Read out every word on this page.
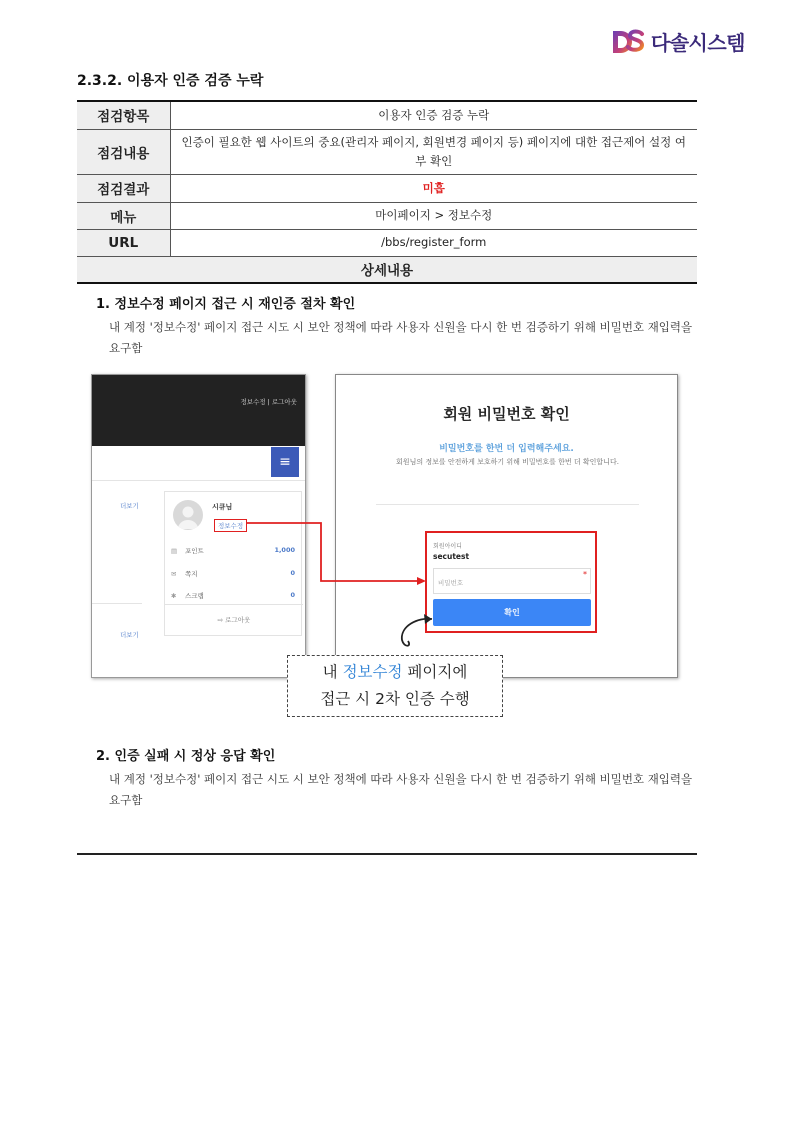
다솔시스템
2.3.2. 이용자 인증 검증 누락
점검항목	이용자 인증 검증 누락
점검내용	인증이 필요한 웹 사이트의 중요(관리자 페이지, 회원변경 페이지 등) 페이지에 대한 접근제어 설정 여부 확인
점검결과	미흡
메뉴	마이페이지 > 정보수정
URL	/bbs/register_form
상세내용	
1. 정보수정 페이지 접근 시 재인증 절차 확인
내 계정 '정보수정' 페이지 접근 시도 시 보안 정책에 따라 사용자 신원을 다시 한 번 검증하기 위해 비밀번호 재입력을 요구함
정보수정 | 로그아웃
≡
더보기
더보기
시큐님
정보수정
▤ 포인트	1,000
✉ 쪽지	0
✱ 스크랩	0
⇨ 로그아웃
회원 비밀번호 확인
비밀번호를 한번 더 입력해주세요.
회원님의 정보를 안전하게 보호하기 위해 비밀번호를 한번 더 확인합니다.
회원아이디
secutest
비밀번호
*
확인
내 정보수정 페이지에
접근 시 2차 인증 수행
2. 인증 실패 시 정상 응답 확인
내 계정 '정보수정' 페이지 접근 시도 시 보안 정책에 따라 사용자 신원을 다시 한 번 검증하기 위해 비밀번호 재입력을 요구함
